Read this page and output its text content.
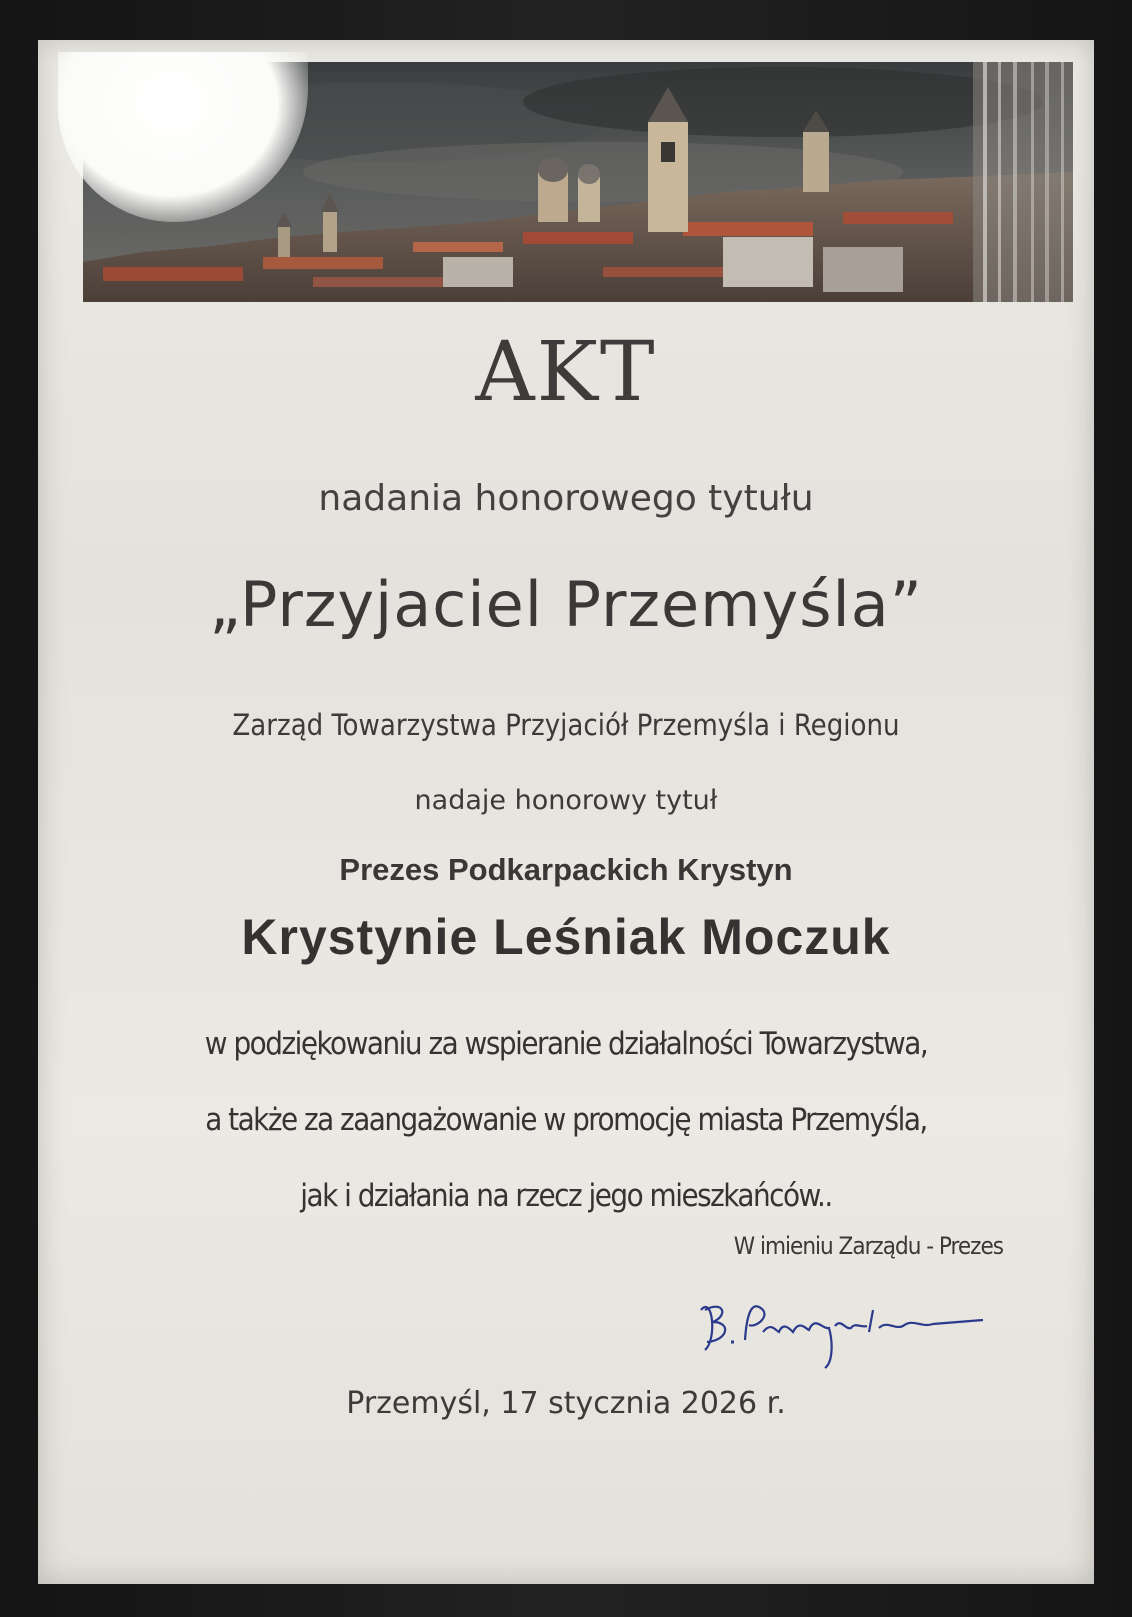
AKT
nadania honorowego tytułu
„Przyjaciel Przemyśla”
Zarząd Towarzystwa Przyjaciół Przemyśla i Regionu
nadaje honorowy tytuł
Prezes Podkarpackich Krystyn
Krystynie Leśniak Moczuk
w podziękowaniu za wspieranie działalności Towarzystwa,
a także za zaangażowanie w promocję miasta Przemyśla,
jak i działania na rzecz jego mieszkańców..
W imieniu Zarządu - Prezes
Przemyśl, 17 stycznia 2026 r.
